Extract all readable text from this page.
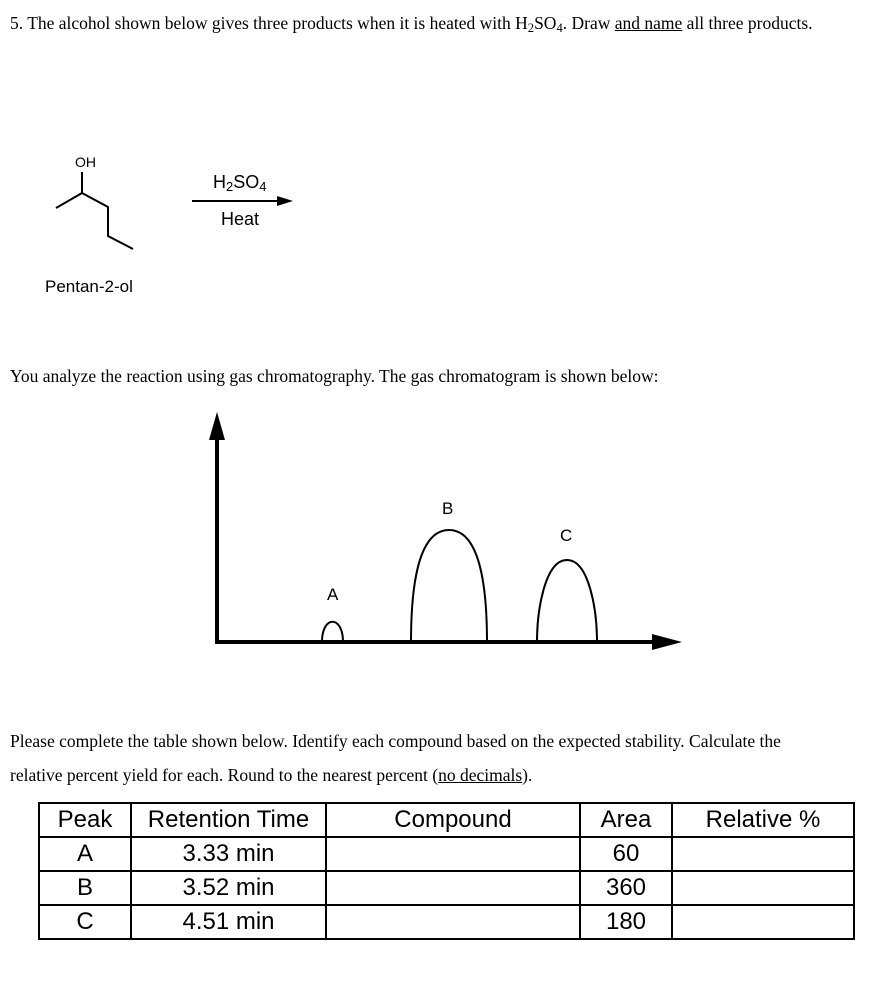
5. The alcohol shown below gives three products when it is heated with $H_2SO_4$. Draw and name all three products.
OH
$H_2SO_4$
Heat
Pentan-2-ol
You analyze the reaction using gas chromatography. The gas chromatogram is shown below:
A
B
C
Please complete the table shown below. Identify each compound based on the expected stability. Calculate the
relative percent yield for each. Round to the nearest percent (no decimals).
Peak	Retention Time	Compound	Area	Relative %
A	3.33 min		60	
B	3.52 min		360	
C	4.51 min		180	
